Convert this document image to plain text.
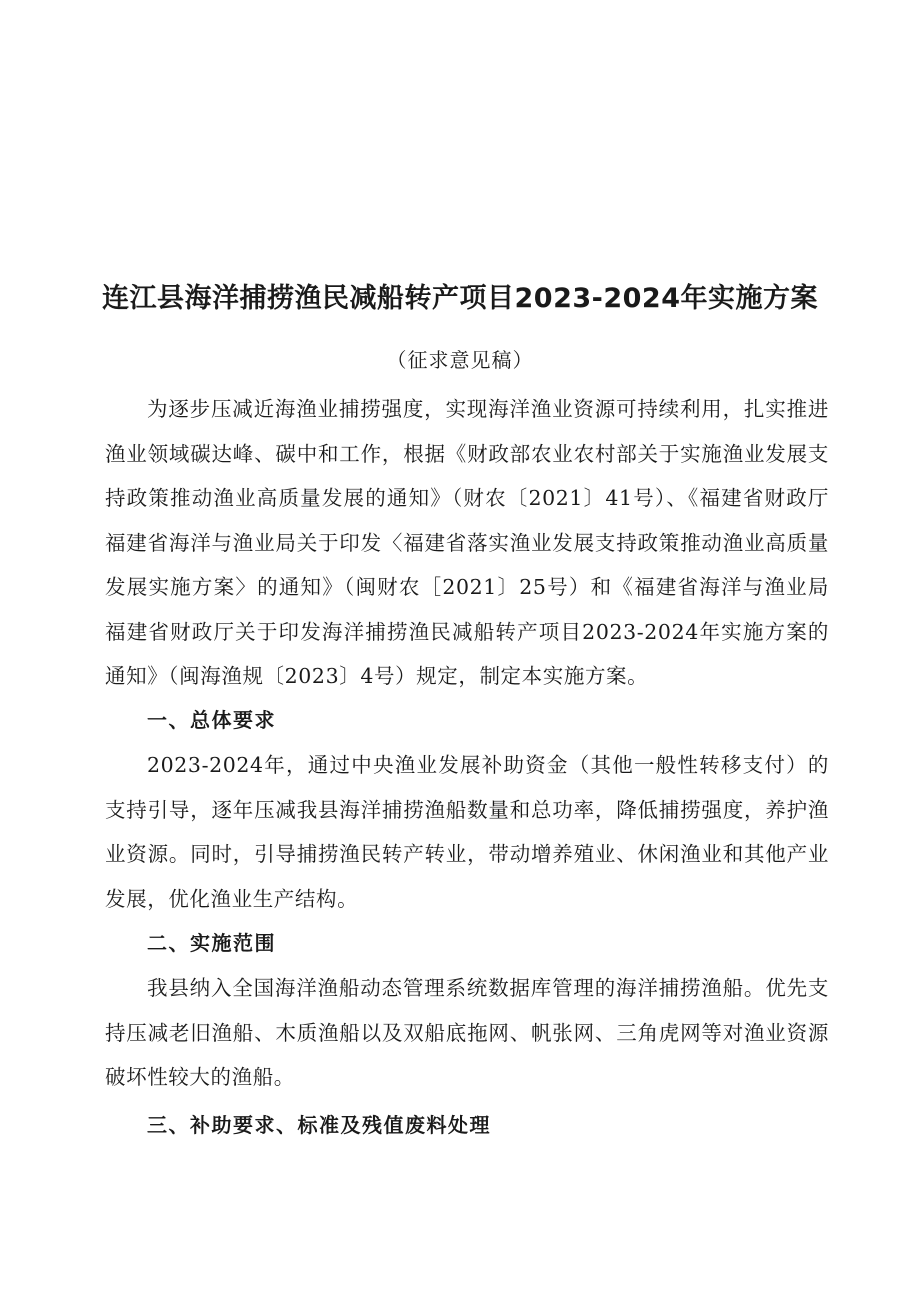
连江县海洋捕捞渔民减船转产项目2023-2024年实施方案
（征求意见稿）

为逐步压减近海渔业捕捞强度，实现海洋渔业资源可持续利用，扎实推进渔业领域碳达峰、碳中和工作，根据《财政部农业农村部关于实施渔业发展支持政策推动渔业高质量发展的通知》（财农〔2021〕41号）、《福建省财政厅福建省海洋与渔业局关于印发〈福建省落实渔业发展支持政策推动渔业高质量发展实施方案〉的通知》（闽财农［2021〕25号）和《福建省海洋与渔业局福建省财政厅关于印发海洋捕捞渔民减船转产项目2023-2024年实施方案的通知》（闽海渔规〔2023〕4号）规定，制定本实施方案。

一、总体要求

2023-2024年，通过中央渔业发展补助资金（其他一般性转移支付）的支持引导，逐年压减我县海洋捕捞渔船数量和总功率，降低捕捞强度，养护渔业资源。同时，引导捕捞渔民转产转业，带动增养殖业、休闲渔业和其他产业发展，优化渔业生产结构。

二、实施范围

我县纳入全国海洋渔船动态管理系统数据库管理的海洋捕捞渔船。优先支持压减老旧渔船、木质渔船以及双船底拖网、帆张网、三角虎网等对渔业资源破坏性较大的渔船。

三、补助要求、标准及残值废料处理
